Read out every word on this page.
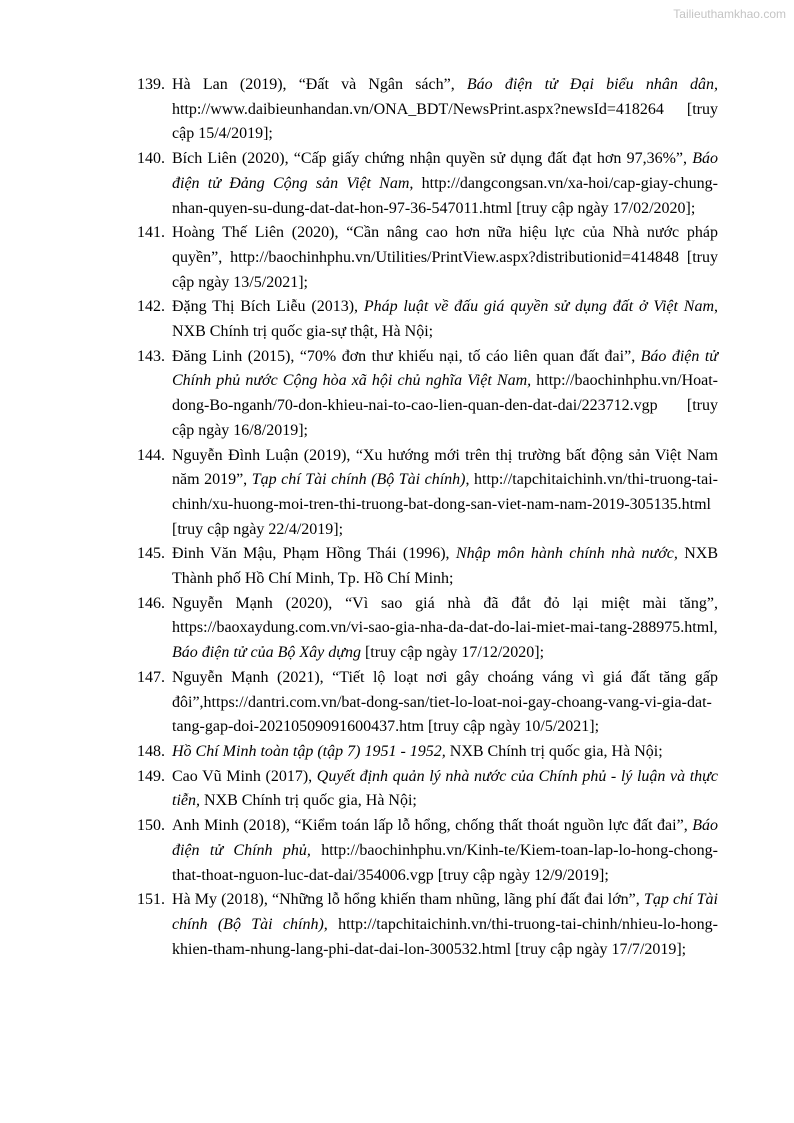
Tailieuthamkhao.com
139. Hà Lan (2019), “Đất và Ngân sách”, Báo điện tử Đại biểu nhân dân, http://www.daibieunhandan.vn/ONA_BDT/NewsPrint.aspx?newsId=418264 [truy cập 15/4/2019];
140. Bích Liên (2020), “Cấp giấy chứng nhận quyền sử dụng đất đạt hơn 97,36%”, Báo điện tử Đảng Cộng sản Việt Nam, http://dangcongsan.vn/xa-hoi/cap-giay-chung-nhan-quyen-su-dung-dat-dat-hon-97-36-547011.html [truy cập ngày 17/02/2020];
141. Hoàng Thế Liên (2020), “Cần nâng cao hơn nữa hiệu lực của Nhà nước pháp quyền”, http://baochinhphu.vn/Utilities/PrintView.aspx?distributionid=414848 [truy cập ngày 13/5/2021];
142. Đặng Thị Bích Liễu (2013), Pháp luật về đấu giá quyền sử dụng đất ở Việt Nam, NXB Chính trị quốc gia-sự thật, Hà Nội;
143. Đăng Linh (2015), “70% đơn thư khiếu nại, tố cáo liên quan đất đai”, Báo điện tử Chính phủ nước Cộng hòa xã hội chủ nghĩa Việt Nam, http://baochinhphu.vn/Hoat-dong-Bo-nganh/70-don-khieu-nai-to-cao-lien-quan-den-dat-dai/223712.vgp [truy cập ngày 16/8/2019];
144. Nguyễn Đình Luận (2019), “Xu hướng mới trên thị trường bất động sản Việt Nam năm 2019”, Tạp chí Tài chính (Bộ Tài chính), http://tapchitaichinh.vn/thi-truong-tai-chinh/xu-huong-moi-tren-thi-truong-bat-dong-san-viet-nam-nam-2019-305135.html [truy cập ngày 22/4/2019];
145. Đinh Văn Mậu, Phạm Hồng Thái (1996), Nhập môn hành chính nhà nước, NXB Thành phố Hồ Chí Minh, Tp. Hồ Chí Minh;
146. Nguyễn Mạnh (2020), “Vì sao giá nhà đã đắt đỏ lại miệt mài tăng”, https://baoxaydung.com.vn/vi-sao-gia-nha-da-dat-do-lai-miet-mai-tang-288975.html, Báo điện tử của Bộ Xây dựng [truy cập ngày 17/12/2020];
147. Nguyễn Mạnh (2021), “Tiết lộ loạt nơi gây choáng váng vì giá đất tăng gấp đôi”,https://dantri.com.vn/bat-dong-san/tiet-lo-loat-noi-gay-choang-vang-vi-gia-dat-tang-gap-doi-20210509091600437.htm [truy cập ngày 10/5/2021];
148. Hồ Chí Minh toàn tập (tập 7) 1951 - 1952, NXB Chính trị quốc gia, Hà Nội;
149. Cao Vũ Minh (2017), Quyết định quản lý nhà nước của Chính phủ - lý luận và thực tiễn, NXB Chính trị quốc gia, Hà Nội;
150. Anh Minh (2018), “Kiểm toán lấp lỗ hổng, chống thất thoát nguồn lực đất đai”, Báo điện tử Chính phủ, http://baochinhphu.vn/Kinh-te/Kiem-toan-lap-lo-hong-chong-that-thoat-nguon-luc-dat-dai/354006.vgp [truy cập ngày 12/9/2019];
151. Hà My (2018), “Những lỗ hổng khiến tham nhũng, lãng phí đất đai lớn”, Tạp chí Tài chính (Bộ Tài chính), http://tapchitaichinh.vn/thi-truong-tai-chinh/nhieu-lo-hong-khien-tham-nhung-lang-phi-dat-dai-lon-300532.html [truy cập ngày 17/7/2019];
